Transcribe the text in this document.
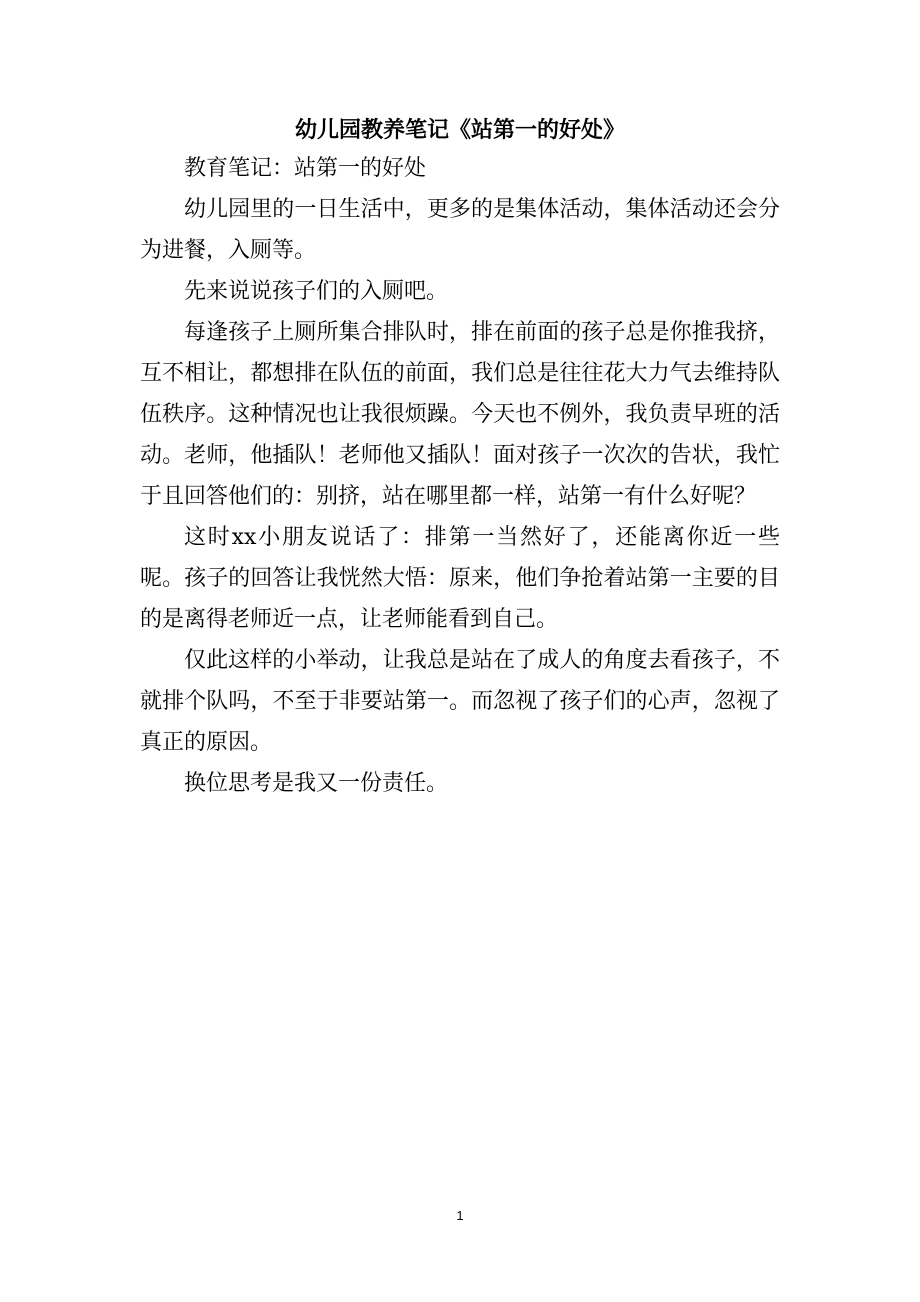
幼儿园教养笔记《站第一的好处》

教育笔记：站第一的好处

幼儿园里的一日生活中，更多的是集体活动，集体活动还会分为进餐，入厕等。

先来说说孩子们的入厕吧。

每逢孩子上厕所集合排队时，排在前面的孩子总是你推我挤，互不相让，都想排在队伍的前面，我们总是往往花大力气去维持队伍秩序。这种情况也让我很烦躁。今天也不例外，我负责早班的活动。老师，他插队！老师他又插队！面对孩子一次次的告状，我忙于且回答他们的：别挤，站在哪里都一样，站第一有什么好呢？

这时xx小朋友说话了：排第一当然好了，还能离你近一些呢。孩子的回答让我恍然大悟：原来，他们争抢着站第一主要的目的是离得老师近一点，让老师能看到自己。

仅此这样的小举动，让我总是站在了成人的角度去看孩子，不就排个队吗，不至于非要站第一。而忽视了孩子们的心声，忽视了真正的原因。

换位思考是我又一份责任。

1
